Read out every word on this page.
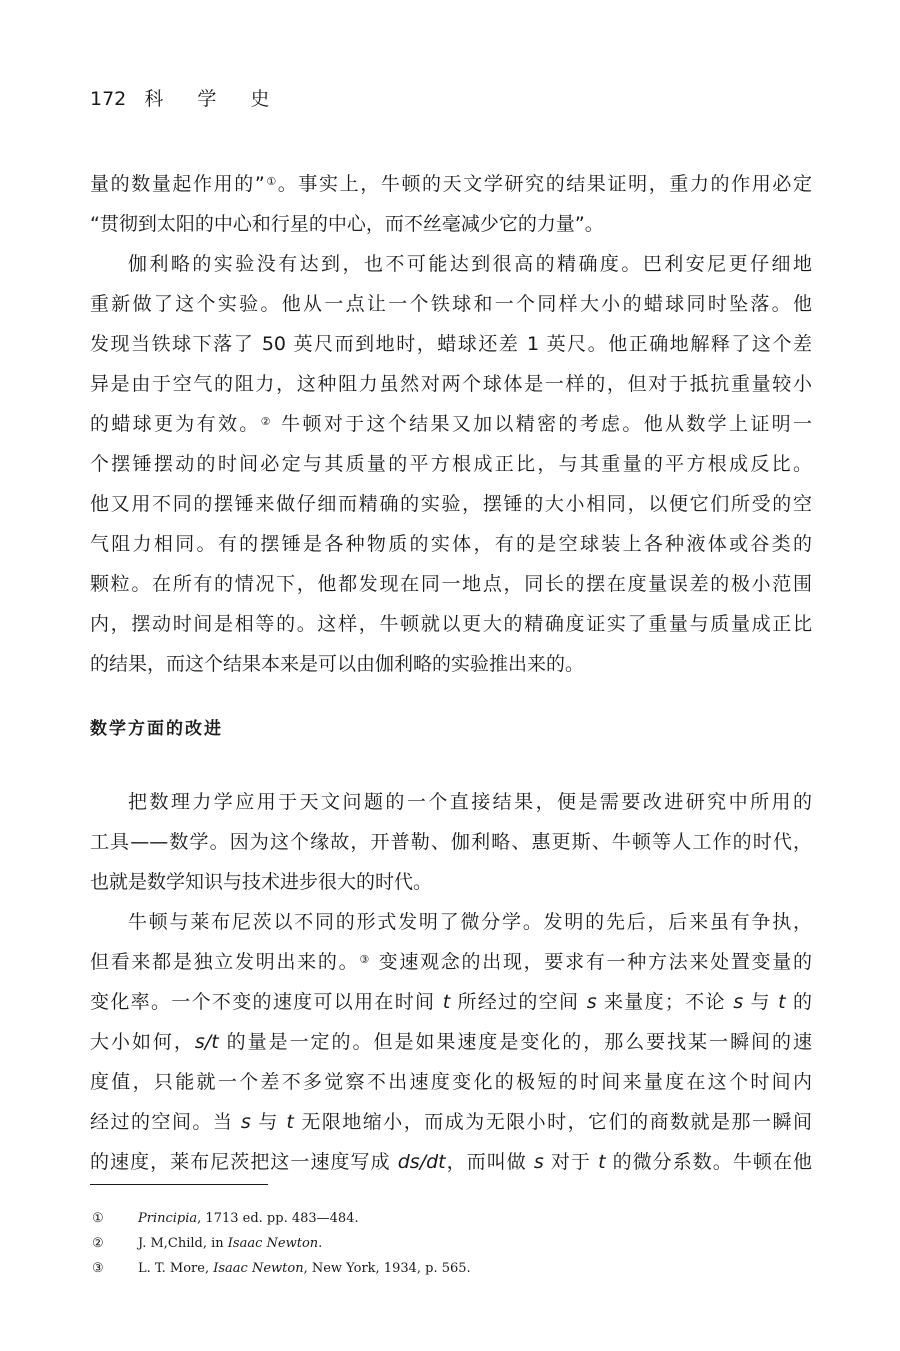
172 科 学 史

量的数量起作用的”①。事实上，牛顿的天文学研究的结果证明，重力的作用必定
“贯彻到太阳的中心和行星的中心，而不丝毫减少它的力量”。

伽利略的实验没有达到，也不可能达到很高的精确度。巴利安尼更仔细地
重新做了这个实验。他从一点让一个铁球和一个同样大小的蜡球同时坠落。他
发现当铁球下落了 50 英尺而到地时，蜡球还差 1 英尺。他正确地解释了这个差
异是由于空气的阻力，这种阻力虽然对两个球体是一样的，但对于抵抗重量较小
的蜡球更为有效。② 牛顿对于这个结果又加以精密的考虑。他从数学上证明一
个摆锤摆动的时间必定与其质量的平方根成正比，与其重量的平方根成反比。
他又用不同的摆锤来做仔细而精确的实验，摆锤的大小相同，以便它们所受的空
气阻力相同。有的摆锤是各种物质的实体，有的是空球装上各种液体或谷类的
颗粒。在所有的情况下，他都发现在同一地点，同长的摆在度量误差的极小范围
内，摆动时间是相等的。这样，牛顿就以更大的精确度证实了重量与质量成正比
的结果，而这个结果本来是可以由伽利略的实验推出来的。

数学方面的改进

把数理力学应用于天文问题的一个直接结果，便是需要改进研究中所用的
工具——数学。因为这个缘故，开普勒、伽利略、惠更斯、牛顿等人工作的时代，
也就是数学知识与技术进步很大的时代。

牛顿与莱布尼茨以不同的形式发明了微分学。发明的先后，后来虽有争执，
但看来都是独立发明出来的。③ 变速观念的出现，要求有一种方法来处置变量的
变化率。一个不变的速度可以用在时间 t 所经过的空间 s 来量度；不论 s 与 t 的
大小如何，s/t 的量是一定的。但是如果速度是变化的，那么要找某一瞬间的速
度值，只能就一个差不多觉察不出速度变化的极短的时间来量度在这个时间内
经过的空间。当 s 与 t 无限地缩小，而成为无限小时，它们的商数就是那一瞬间
的速度，莱布尼茨把这一速度写成 ds/dt，而叫做 s 对于 t 的微分系数。牛顿在他

①	Principia, 1713 ed. pp. 483—484.
②	J. M,Child, in Isaac Newton.
③	L. T. More, Isaac Newton, New York, 1934, p. 565.
